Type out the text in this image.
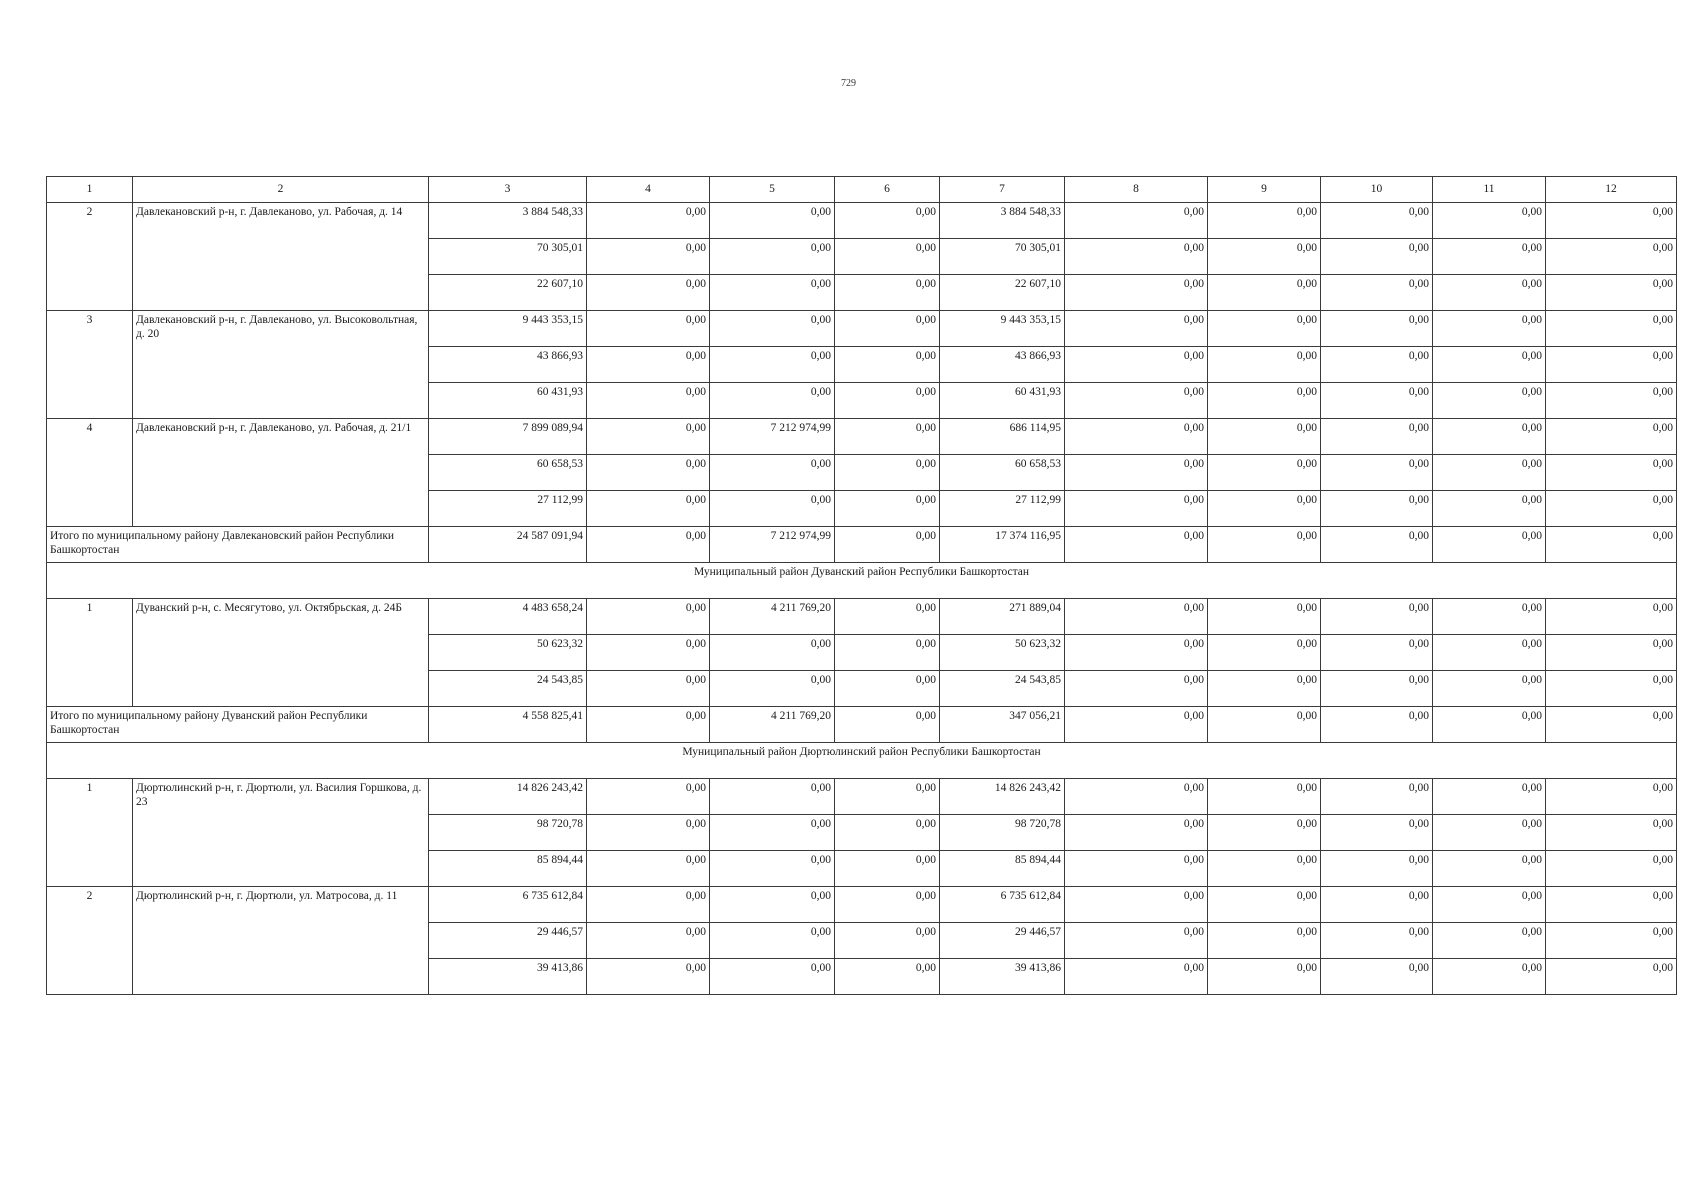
729
1	2	3	4	5	6	7	8	9	10	11	12
2	Давлекановский р-н, г. Давлеканово, ул. Рабочая, д. 14	3 884 548,33	0,00	0,00	0,00	3 884 548,33	0,00	0,00	0,00	0,00	0,00
		70 305,01	0,00	0,00	0,00	70 305,01	0,00	0,00	0,00	0,00	0,00
		22 607,10	0,00	0,00	0,00	22 607,10	0,00	0,00	0,00	0,00	0,00
3	Давлекановский р-н, г. Давлеканово, ул. Высоковольтная, д. 20	9 443 353,15	0,00	0,00	0,00	9 443 353,15	0,00	0,00	0,00	0,00	0,00
		43 866,93	0,00	0,00	0,00	43 866,93	0,00	0,00	0,00	0,00	0,00
		60 431,93	0,00	0,00	0,00	60 431,93	0,00	0,00	0,00	0,00	0,00
4	Давлекановский р-н, г. Давлеканово, ул. Рабочая, д. 21/1	7 899 089,94	0,00	7 212 974,99	0,00	686 114,95	0,00	0,00	0,00	0,00	0,00
		60 658,53	0,00	0,00	0,00	60 658,53	0,00	0,00	0,00	0,00	0,00
		27 112,99	0,00	0,00	0,00	27 112,99	0,00	0,00	0,00	0,00	0,00
Итого по муниципальному району Давлекановский район Республики Башкортостан		24 587 091,94	0,00	7 212 974,99	0,00	17 374 116,95	0,00	0,00	0,00	0,00	0,00
Муниципальный район Дуванский район Республики Башкортостан											
1	Дуванский р-н, с. Месягутово, ул. Октябрьская, д. 24Б	4 483 658,24	0,00	4 211 769,20	0,00	271 889,04	0,00	0,00	0,00	0,00	0,00
		50 623,32	0,00	0,00	0,00	50 623,32	0,00	0,00	0,00	0,00	0,00
		24 543,85	0,00	0,00	0,00	24 543,85	0,00	0,00	0,00	0,00	0,00
Итого по муниципальному району Дуванский район Республики Башкортостан		4 558 825,41	0,00	4 211 769,20	0,00	347 056,21	0,00	0,00	0,00	0,00	0,00
Муниципальный район Дюртюлинский район Республики Башкортостан											
1	Дюртюлинский р-н, г. Дюртюли, ул. Василия Горшкова, д. 23	14 826 243,42	0,00	0,00	0,00	14 826 243,42	0,00	0,00	0,00	0,00	0,00
		98 720,78	0,00	0,00	0,00	98 720,78	0,00	0,00	0,00	0,00	0,00
		85 894,44	0,00	0,00	0,00	85 894,44	0,00	0,00	0,00	0,00	0,00
2	Дюртюлинский р-н, г. Дюртюли, ул. Матросова, д. 11	6 735 612,84	0,00	0,00	0,00	6 735 612,84	0,00	0,00	0,00	0,00	0,00
		29 446,57	0,00	0,00	0,00	29 446,57	0,00	0,00	0,00	0,00	0,00
		39 413,86	0,00	0,00	0,00	39 413,86	0,00	0,00	0,00	0,00	0,00
